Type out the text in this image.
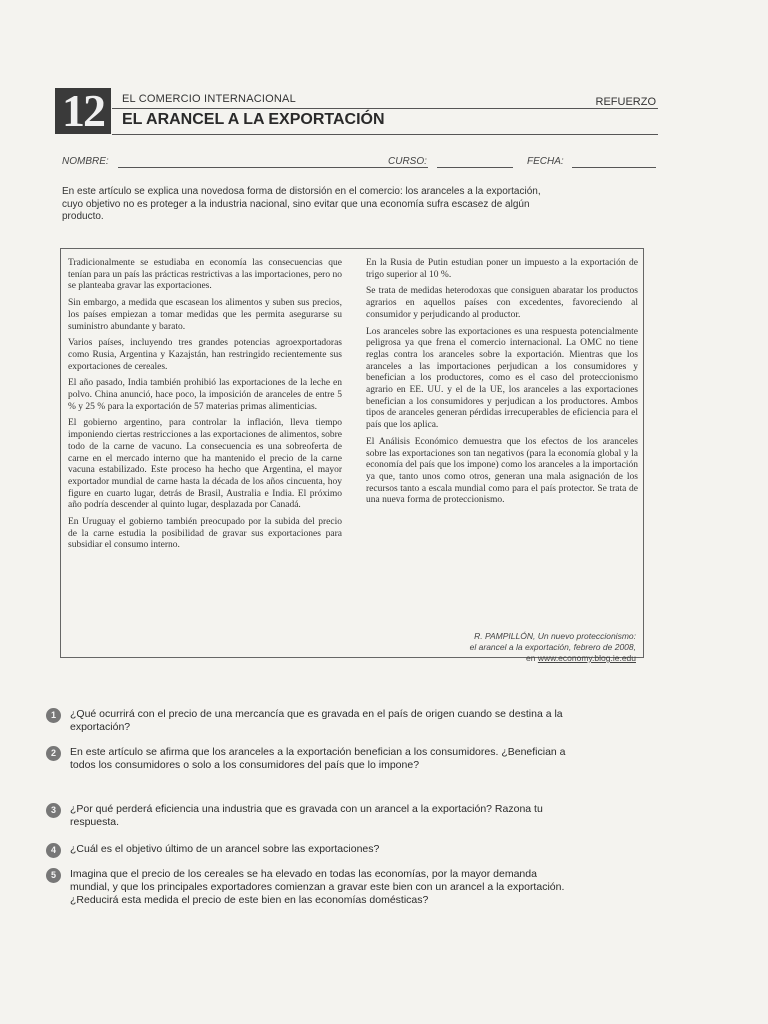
12	EL COMERCIO INTERNACIONAL	REFUERZO
EL ARANCEL A LA EXPORTACIÓN
NOMBRE:	CURSO:	FECHA:
En este artículo se explica una novedosa forma de distorsión en el comercio: los aranceles a la exportación, cuyo objetivo no es proteger a la industria nacional, sino evitar que una economía sufra escasez de algún producto.

Tradicionalmente se estudiaba en economía las consecuencias que tenían para un país las prácticas restrictivas a las importaciones, pero no se planteaba gravar las exportaciones.

Sin embargo, a medida que escasean los alimentos y suben sus precios, los países empiezan a tomar medidas que les permita asegurarse su suministro abundante y barato.

Varios países, incluyendo tres grandes potencias agroexportadoras como Rusia, Argentina y Kazajstán, han restringido recientemente sus exportaciones de cereales.

El año pasado, India también prohibió las exportaciones de la leche en polvo. China anunció, hace poco, la imposición de aranceles de entre 5 % y 25 % para la exportación de 57 materias primas alimenticias.

El gobierno argentino, para controlar la inflación, lleva tiempo imponiendo ciertas restricciones a las exportaciones de alimentos, sobre todo de la carne de vacuno. La consecuencia es una sobreoferta de carne en el mercado interno que ha mantenido el precio de la carne vacuna estabilizado. Este proceso ha hecho que Argentina, el mayor exportador mundial de carne hasta la década de los años cincuenta, hoy figure en cuarto lugar, detrás de Brasil, Australia e India. El próximo año podría descender al quinto lugar, desplazada por Canadá.

En Uruguay el gobierno también preocupado por la subida del precio de la carne estudia la posibilidad de gravar sus exportaciones para subsidiar el consumo interno.

En la Rusia de Putin estudian poner un impuesto a la exportación de trigo superior al 10 %.

Se trata de medidas heterodoxas que consiguen abaratar los productos agrarios en aquellos países con excedentes, favoreciendo al consumidor y perjudicando al productor.

Los aranceles sobre las exportaciones es una respuesta potencialmente peligrosa ya que frena el comercio internacional. La OMC no tiene reglas contra los aranceles sobre la exportación. Mientras que los aranceles a las importaciones perjudican a los consumidores y benefician a los productores, como es el caso del proteccionismo agrario en EE. UU. y el de la UE, los aranceles a las exportaciones benefician a los consumidores y perjudican a los productores. Ambos tipos de aranceles generan pérdidas irrecuperables de eficiencia para el país que los aplica.

El Análisis Económico demuestra que los efectos de los aranceles sobre las exportaciones son tan negativos (para la economía global y la economía del país que los impone) como los aranceles a la importación ya que, tanto unos como otros, generan una mala asignación de los recursos tanto a escala mundial como para el país protector. Se trata de una nueva forma de proteccionismo.

R. PAMPILLÓN, Un nuevo proteccionismo:
el arancel a la exportación, febrero de 2008,
en www.economy.blog.ie.edu
1	¿Qué ocurrirá con el precio de una mercancía que es gravada en el país de origen cuando se destina a la exportación?
2	En este artículo se afirma que los aranceles a la exportación benefician a los consumidores. ¿Benefician a todos los consumidores o solo a los consumidores del país que lo impone?
3	¿Por qué perderá eficiencia una industria que es gravada con un arancel a la exportación? Razona tu respuesta.
4	¿Cuál es el objetivo último de un arancel sobre las exportaciones?
5	Imagina que el precio de los cereales se ha elevado en todas las economías, por la mayor demanda mundial, y que los principales exportadores comienzan a gravar este bien con un arancel a la exportación. ¿Reducirá esta medida el precio de este bien en las economías domésticas?
